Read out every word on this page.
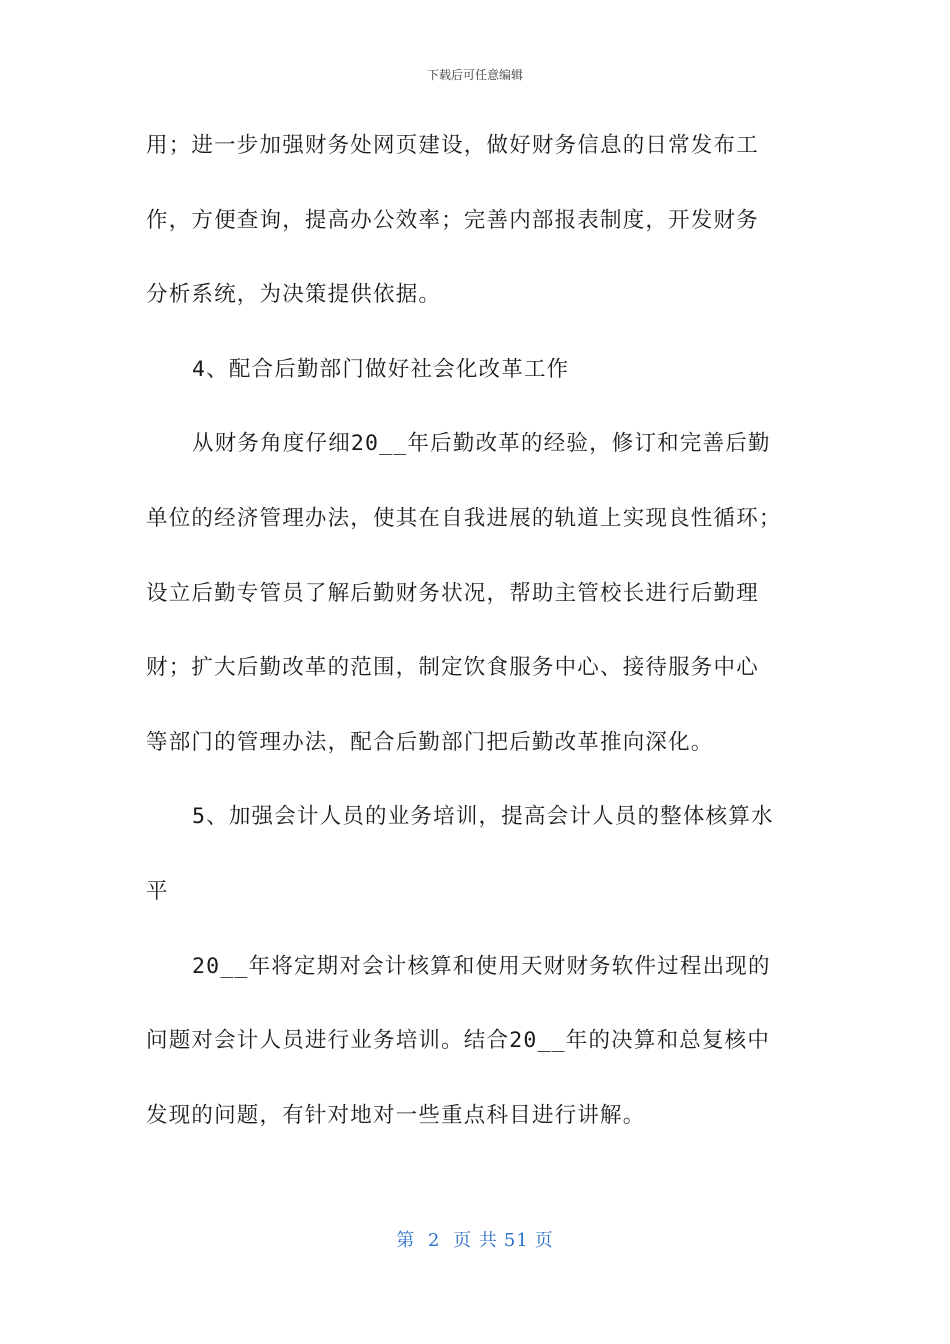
下载后可任意编辑
用；进一步加强财务处网页建设，做好财务信息的日常发布工
作，方便查询，提高办公效率；完善内部报表制度，开发财务
分析系统，为决策提供依据。
4、配合后勤部门做好社会化改革工作
从财务角度仔细20__年后勤改革的经验，修订和完善后勤
单位的经济管理办法，使其在自我进展的轨道上实现良性循环；
设立后勤专管员了解后勤财务状况，帮助主管校长进行后勤理
财；扩大后勤改革的范围，制定饮食服务中心、接待服务中心
等部门的管理办法，配合后勤部门把后勤改革推向深化。
5、加强会计人员的业务培训，提高会计人员的整体核算水
平
20__年将定期对会计核算和使用天财财务软件过程出现的
问题对会计人员进行业务培训。结合20__年的决算和总复核中
发现的问题，有针对地对一些重点科目进行讲解。
第 2 页 共 51 页
